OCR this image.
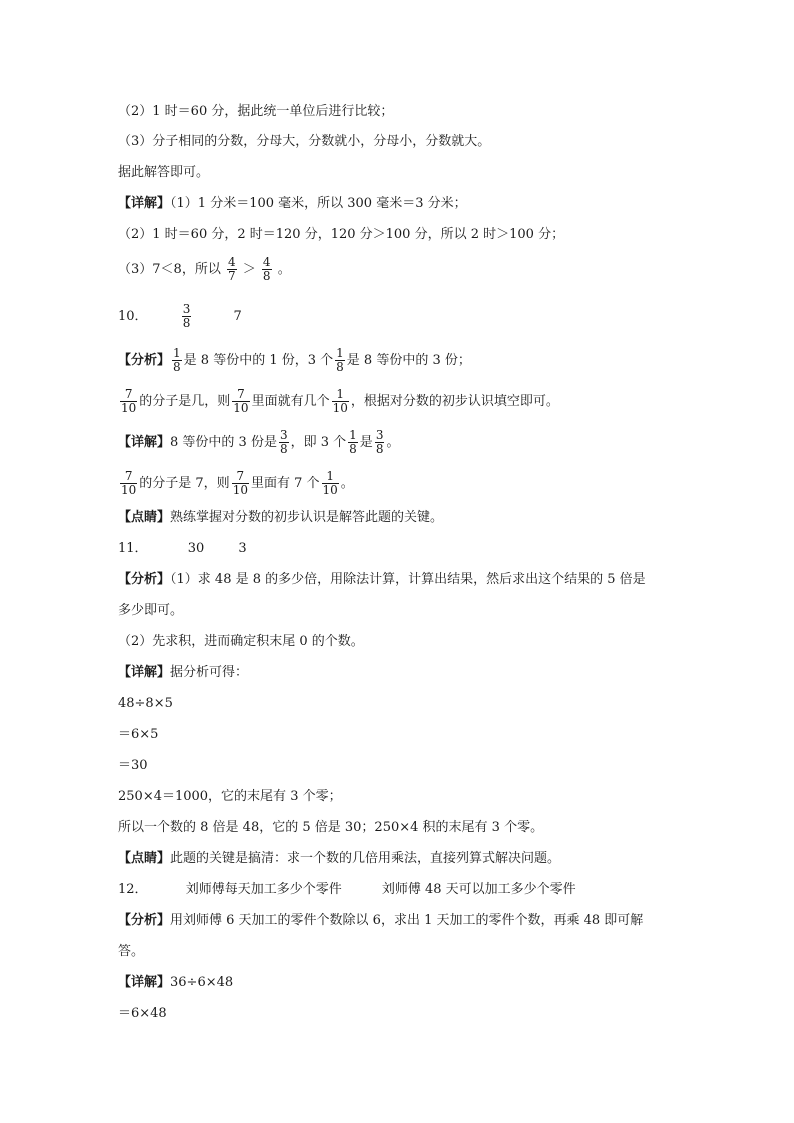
（2）1 时＝60 分，据此统一单位后进行比较；
（3）分子相同的分数，分母大，分数就小，分母小，分数就大。
据此解答即可。
【详解】（1）1 分米＝100 毫米，所以 300 毫米＝3 分米；
（2）1 时＝60 分，2 时＝120 分，120 分＞100 分，所以 2 时＞100 分；
（3）7＜8，所以 $\frac{4}{7} > \frac{4}{8}$ 。
10．	$\frac{3}{8}$	7
【分析】 $\frac{1}{8}$ 是 8 等份中的 1 份，3 个 $\frac{1}{8}$ 是 8 等份中的 3 份；
$\frac{7}{10}$ 的分子是几，则 $\frac{7}{10}$ 里面就有几个 $\frac{1}{10}$ ，根据对分数的初步认识填空即可。
【详解】8 等份中的 3 份是 $\frac{3}{8}$ ，即 3 个 $\frac{1}{8}$ 是 $\frac{3}{8}$ 。
$\frac{7}{10}$ 的分子是 7，则 $\frac{7}{10}$ 里面有 7 个 $\frac{1}{10}$ 。
【点睛】熟练掌握对分数的初步认识是解答此题的关键。
11．	30	3
【分析】（1）求 48 是 8 的多少倍，用除法计算，计算出结果，然后求出这个结果的 5 倍是
多少即可。
（2）先求积，进而确定积末尾 0 的个数。
【详解】据分析可得：
48÷8×5
＝6×5
＝30
250×4＝1000，它的末尾有 3 个零；
所以一个数的 8 倍是 48，它的 5 倍是 30；250×4 积的末尾有 3 个零。
【点睛】此题的关键是搞清：求一个数的几倍用乘法，直接列算式解决问题。
12．	刘师傅每天加工多少个零件	刘师傅 48 天可以加工多少个零件
【分析】用刘师傅 6 天加工的零件个数除以 6，求出 1 天加工的零件个数，再乘 48 即可解
答。
【详解】36÷6×48
＝6×48
